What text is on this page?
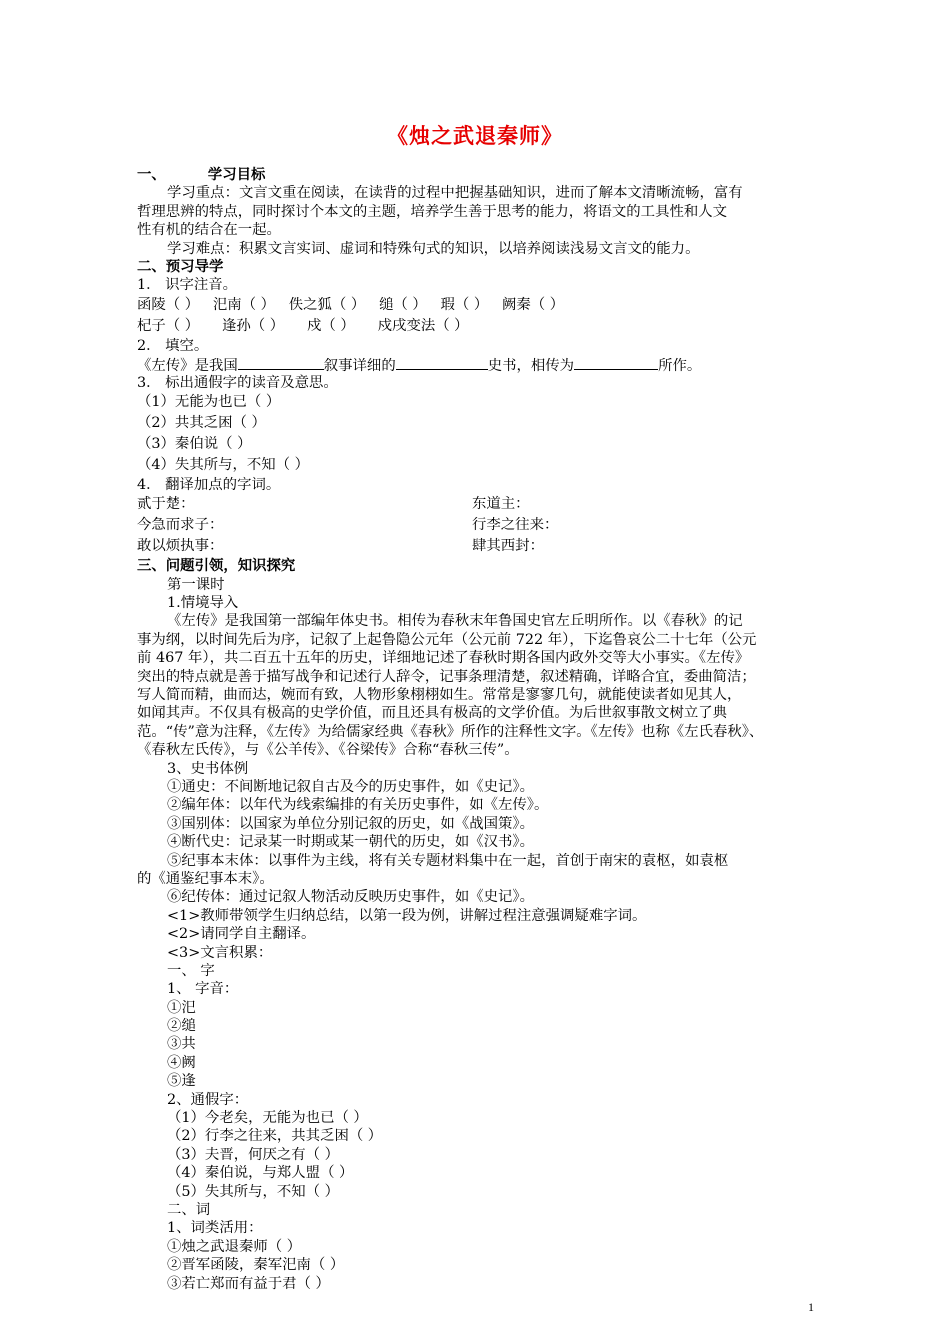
《烛之武退秦师》
一、	学习目标
学习重点：文言文重在阅读，在读背的过程中把握基础知识，进而了解本文清晰流畅，富有
哲理思辨的特点，同时探讨个本文的主题，培养学生善于思考的能力，将语文的工具性和人文
性有机的结合在一起。
学习难点：积累文言实词、虚词和特殊句式的知识，以培养阅读浅易文言文的能力。
二、预习导学
1． 识字注音。
函陵（ ） 汜南（ ） 佚之狐（ ） 缒（ ） 瑕（ ） 阙秦（ ）
杞子（ ） 逢孙（ ） 戍（ ） 戍戌变法（ ）
2． 填空。
《左传》是我国	叙事详细的	史书，相传为	所作。
3． 标出通假字的读音及意思。
（1）无能为也已（ ）
（2）共其乏困（ ）
（3）秦伯说（ ）
（4）失其所与，不知（ ）
4． 翻译加点的字词。
贰于楚：	东道主：
今急而求子：	行李之往来：
敢以烦执事：	肆其西封：
三、问题引领，知识探究
第一课时
1.情境导入
《左传》是我国第一部编年体史书。相传为春秋末年鲁国史官左丘明所作。以《春秋》的记
事为纲，以时间先后为序，记叙了上起鲁隐公元年（公元前 722 年），下迄鲁哀公二十七年（公元
前 467 年），共二百五十五年的历史，详细地记述了春秋时期各国内政外交等大小事实。《左传》
突出的特点就是善于描写战争和记述行人辞令，记事条理清楚，叙述精确，详略合宜，委曲简洁；
写人简而精，曲而达，婉而有致，人物形象栩栩如生。常常是寥寥几句，就能使读者如见其人，
如闻其声。不仅具有极高的史学价值，而且还具有极高的文学价值。为后世叙事散文树立了典
范。“传”意为注释，《左传》为给儒家经典《春秋》所作的注释性文字。《左传》也称《左氏春秋》、
《春秋左氏传》，与《公羊传》、《谷梁传》合称“春秋三传”。
3、史书体例
①通史：不间断地记叙自古及今的历史事件，如《史记》。
②编年体：以年代为线索编排的有关历史事件，如《左传》。
③国别体：以国家为单位分别记叙的历史，如《战国策》。
④断代史：记录某一时期或某一朝代的历史，如《汉书》。
⑤纪事本末体：以事件为主线，将有关专题材料集中在一起，首创于南宋的袁枢，如袁枢
的《通鉴纪事本末》。
⑥纪传体：通过记叙人物活动反映历史事件，如《史记》。
<1>教师带领学生归纳总结，以第一段为例，讲解过程注意强调疑难字词。
<2>请同学自主翻译。
<3>文言积累：
一、 字
1、 字音：
①汜
②缒
③共
④阙
⑤逢
2、通假字：
（1）今老矣，无能为也已（ ）
（2）行李之往来，共其乏困（ ）
（3）夫晋，何厌之有（ ）
（4）秦伯说，与郑人盟（ ）
（5）失其所与，不知（ ）
二、词
1、词类活用：
①烛之武退秦师（ ）
②晋军函陵，秦军汜南（ ）
③若亡郑而有益于君（ ）
1
